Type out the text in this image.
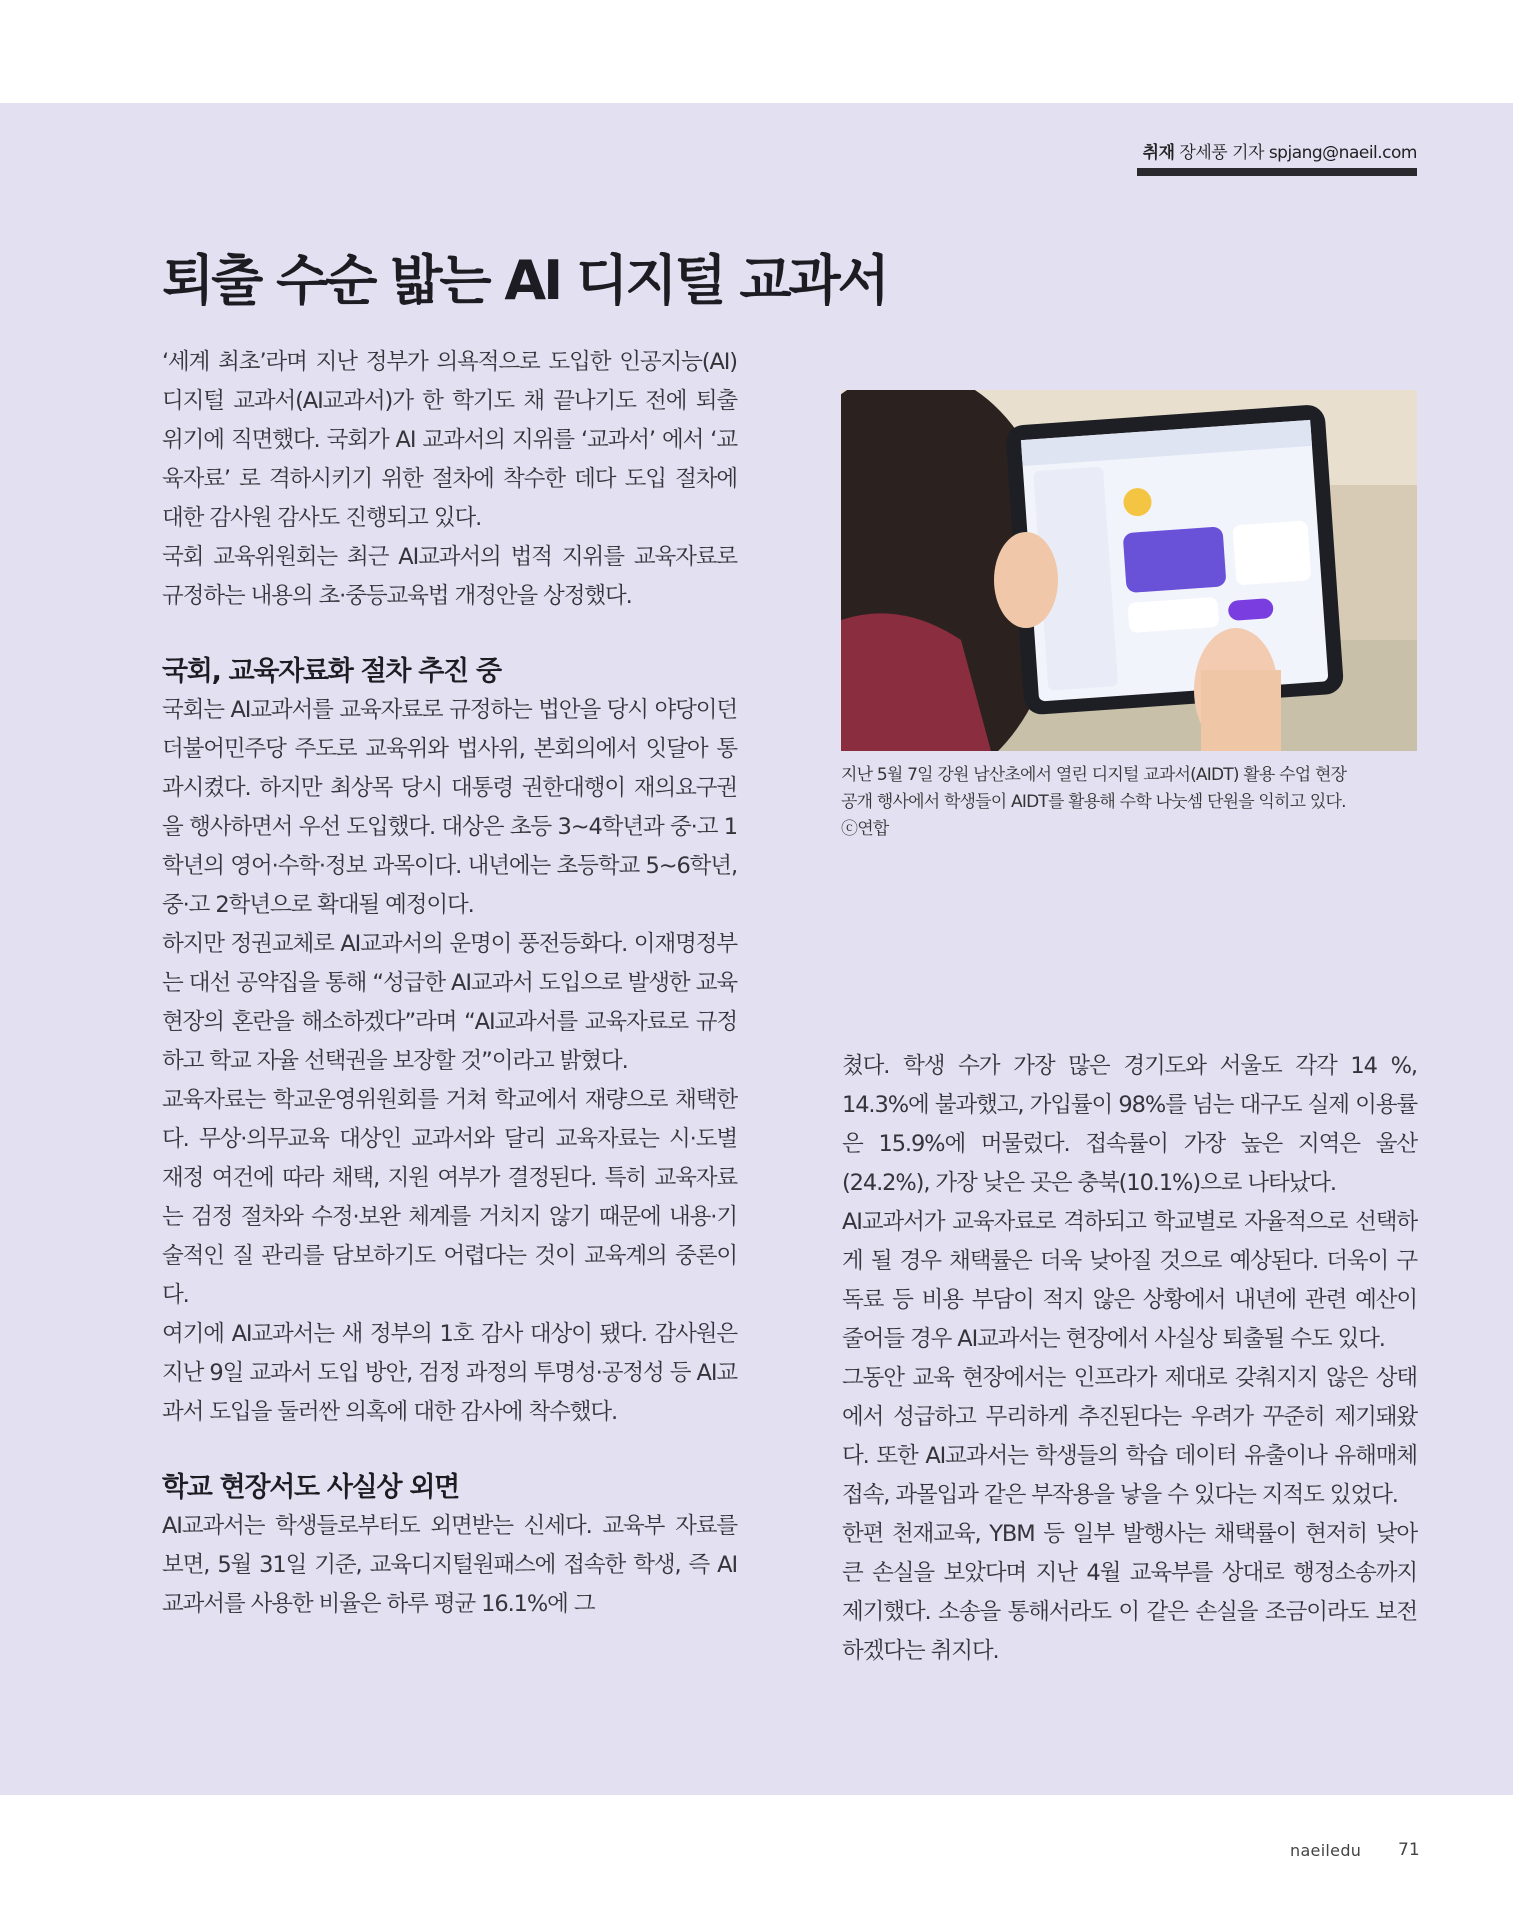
취재 장세풍 기자 spjang@naeil.com
퇴출 수순 밟는 AI 디지털 교과서

‘세계 최초’라며 지난 정부가 의욕적으로 도입한 인공지능(AI) 디지털 교과서(AI교과서)가 한 학기도 채 끝나기도 전에 퇴출 위기에 직면했다. 국회가 AI 교과서의 지위를 ‘교과서’ 에서 ‘교육자료’ 로 격하시키기 위한 절차에 착수한 데다 도입 절차에 대한 감사원 감사도 진행되고 있다.

국회 교육위원회는 최근 AI교과서의 법적 지위를 교육자료로 규정하는 내용의 초·중등교육법 개정안을 상정했다.

국회, 교육자료화 절차 추진 중

국회는 AI교과서를 교육자료로 규정하는 법안을 당시 야당이던 더불어민주당 주도로 교육위와 법사위, 본회의에서 잇달아 통과시켰다. 하지만 최상목 당시 대통령 권한대행이 재의요구권을 행사하면서 우선 도입했다. 대상은 초등 3~4학년과 중·고 1학년의 영어·수학·정보 과목이다. 내년에는 초등학교 5~6학년, 중·고 2학년으로 확대될 예정이다.

하지만 정권교체로 AI교과서의 운명이 풍전등화다. 이재명정부는 대선 공약집을 통해 “성급한 AI교과서 도입으로 발생한 교육 현장의 혼란을 해소하겠다”라며 “AI교과서를 교육자료로 규정하고 학교 자율 선택권을 보장할 것”이라고 밝혔다.

교육자료는 학교운영위원회를 거쳐 학교에서 재량으로 채택한다. 무상·의무교육 대상인 교과서와 달리 교육자료는 시·도별 재정 여건에 따라 채택, 지원 여부가 결정된다. 특히 교육자료는 검정 절차와 수정·보완 체계를 거치지 않기 때문에 내용·기술적인 질 관리를 담보하기도 어렵다는 것이 교육계의 중론이다.

여기에 AI교과서는 새 정부의 1호 감사 대상이 됐다. 감사원은 지난 9일 교과서 도입 방안, 검정 과정의 투명성·공정성 등 AI교과서 도입을 둘러싼 의혹에 대한 감사에 착수했다.

학교 현장서도 사실상 외면

AI교과서는 학생들로부터도 외면받는 신세다. 교육부 자료를 보면, 5월 31일 기준, 교육디지털원패스에 접속한 학생, 즉 AI교과서를 사용한 비율은 하루 평균 16.1%에 그

지난 5월 7일 강원 남산초에서 열린 디지털 교과서(AIDT) 활용 수업 현장

공개 행사에서 학생들이 AIDT를 활용해 수학 나눗셈 단원을 익히고 있다.

ⓒ연합

쳤다. 학생 수가 가장 많은 경기도와 서울도 각각 14 %, 14.3%에 불과했고, 가입률이 98%를 넘는 대구도 실제 이용률은 15.9%에 머물렀다. 접속률이 가장 높은 지역은 울산(24.2%), 가장 낮은 곳은 충북(10.1%)으로 나타났다.

AI교과서가 교육자료로 격하되고 학교별로 자율적으로 선택하게 될 경우 채택률은 더욱 낮아질 것으로 예상된다. 더욱이 구독료 등 비용 부담이 적지 않은 상황에서 내년에 관련 예산이 줄어들 경우 AI교과서는 현장에서 사실상 퇴출될 수도 있다.

그동안 교육 현장에서는 인프라가 제대로 갖춰지지 않은 상태에서 성급하고 무리하게 추진된다는 우려가 꾸준히 제기돼왔다. 또한 AI교과서는 학생들의 학습 데이터 유출이나 유해매체 접속, 과몰입과 같은 부작용을 낳을 수 있다는 지적도 있었다.

한편 천재교육, YBM 등 일부 발행사는 채택률이 현저히 낮아 큰 손실을 보았다며 지난 4월 교육부를 상대로 행정소송까지 제기했다. 소송을 통해서라도 이 같은 손실을 조금이라도 보전하겠다는 취지다.

naeiledu 71
